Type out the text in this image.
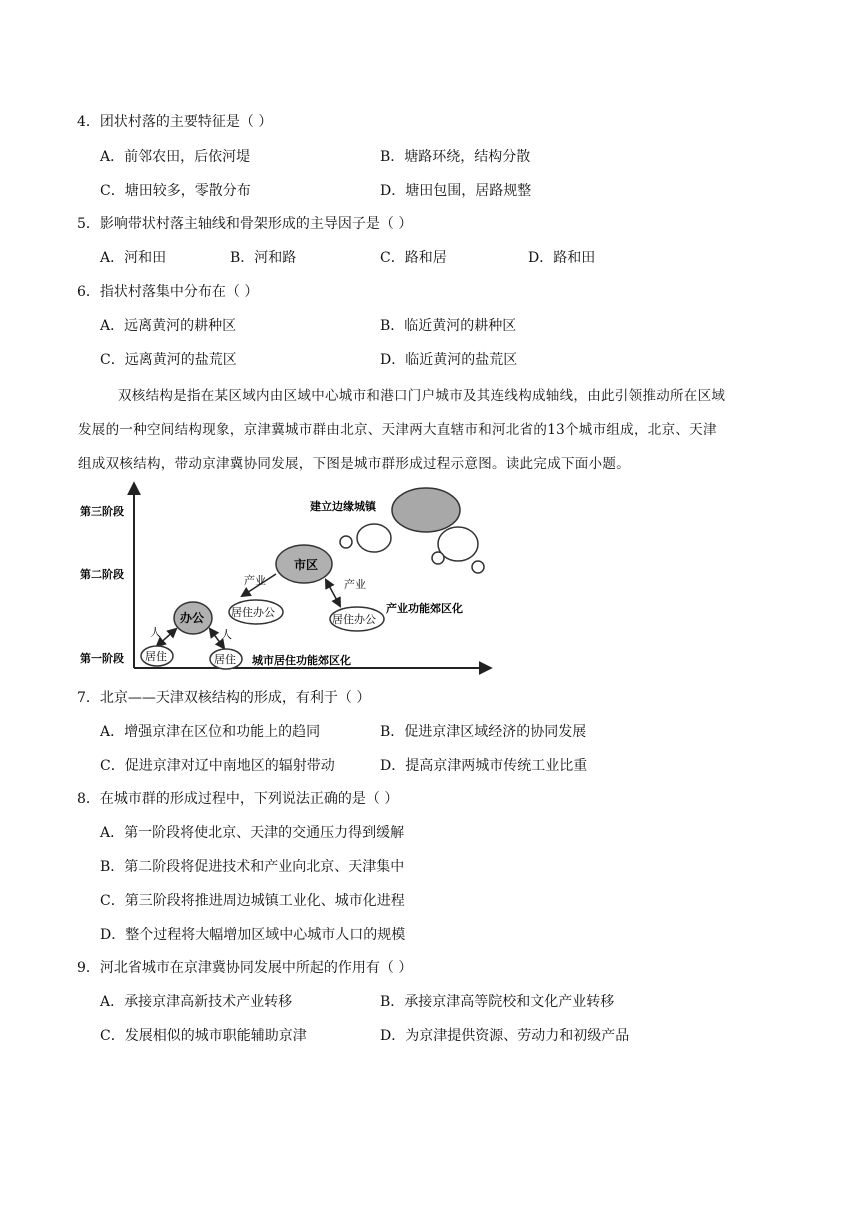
4．团状村落的主要特征是（ ）
A．前邻农田，后依河堤	B．塘路环绕，结构分散
C．塘田较多，零散分布	D．塘田包围，居路规整
5．影响带状村落主轴线和骨架形成的主导因子是（ ）
A．河和田	B．河和路	C．路和居	D．路和田
6．指状村落集中分布在（ ）
A．远离黄河的耕种区	B．临近黄河的耕种区
C．远离黄河的盐荒区	D．临近黄河的盐荒区
双核结构是指在某区域内由区域中心城市和港口门户城市及其连线构成轴线，由此引领推动所在区域
发展的一种空间结构现象，京津冀城市群由北京、天津两大直辖市和河北省的13个城市组成，北京、天津
组成双核结构，带动京津冀协同发展，下图是城市群形成过程示意图。读此完成下面小题。
第三阶段
第二阶段
第一阶段
建立边缘城镇
市区
产业	产业
居住办公
居住办公
产业功能郊区化
办公
人	人
居住	居住 城市居住功能郊区化
7．北京——天津双核结构的形成，有利于（ ）
A．增强京津在区位和功能上的趋同	B．促进京津区域经济的协同发展
C．促进京津对辽中南地区的辐射带动	D．提高京津两城市传统工业比重
8．在城市群的形成过程中，下列说法正确的是（ ）
A．第一阶段将使北京、天津的交通压力得到缓解
B．第二阶段将促进技术和产业向北京、天津集中
C．第三阶段将推进周边城镇工业化、城市化进程
D．整个过程将大幅增加区域中心城市人口的规模
9．河北省城市在京津冀协同发展中所起的作用有（ ）
A．承接京津高新技术产业转移	B．承接京津高等院校和文化产业转移
C．发展相似的城市职能辅助京津	D．为京津提供资源、劳动力和初级产品
